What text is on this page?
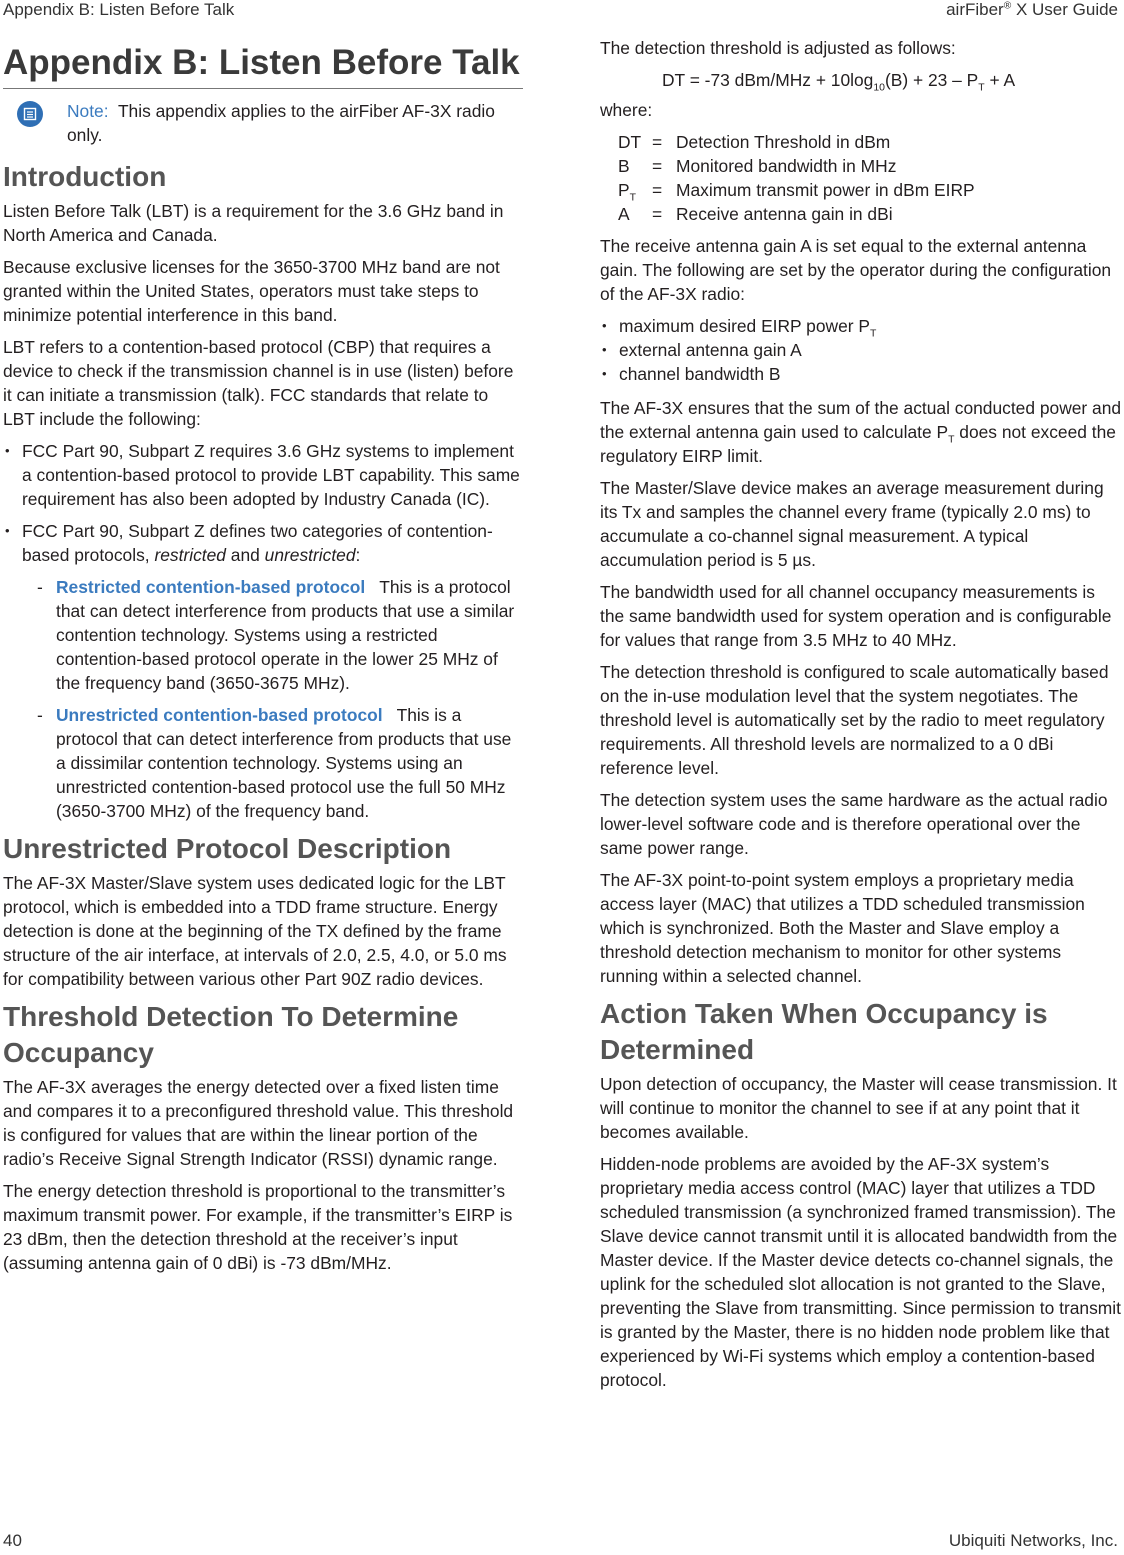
Appendix B: Listen Before Talk	airFiber® X User Guide
40	Ubiquiti Networks, Inc.
Appendix B: Listen Before Talk
Note: This appendix applies to the airFiber AF-3X radio only.
Introduction

Listen Before Talk (LBT) is a requirement for the 3.6 GHz band in North America and Canada.

Because exclusive licenses for the 3650-3700 MHz band are not granted within the United States, operators must take steps to minimize potential interference in this band.

LBT refers to a contention-based protocol (CBP) that requires a device to check if the transmission channel is in use (listen) before it can initiate a transmission (talk). FCC standards that relate to LBT include the following:

• FCC Part 90, Subpart Z requires 3.6 GHz systems to implement a contention-based protocol to provide LBT capability. This same requirement has also been adopted by Industry Canada (IC).
• FCC Part 90, Subpart Z defines two categories of contention-based protocols, restricted and unrestricted:
- Restricted contention-based protocol This is a protocol that can detect interference from products that use a similar contention technology. Systems using a restricted contention-based protocol operate in the lower 25 MHz of the frequency band (3650-3675 MHz).
- Unrestricted contention-based protocol This is a protocol that can detect interference from products that use a dissimilar contention technology. Systems using an unrestricted contention-based protocol use the full 50 MHz (3650-3700 MHz) of the frequency band.
Unrestricted Protocol Description

The AF-3X Master/Slave system uses dedicated logic for the LBT protocol, which is embedded into a TDD frame structure. Energy detection is done at the beginning of the TX defined by the frame structure of the air interface, at intervals of 2.0, 2.5, 4.0, or 5.0 ms for compatibility between various other Part 90Z radio devices.

Threshold Detection To Determine Occupancy

The AF-3X averages the energy detected over a fixed listen time and compares it to a preconfigured threshold value. This threshold is configured for values that are within the linear portion of the radio’s Receive Signal Strength Indicator (RSSI) dynamic range.

The energy detection threshold is proportional to the transmitter’s maximum transmit power. For example, if the transmitter’s EIRP is 23 dBm, then the detection threshold at the receiver’s input (assuming antenna gain of 0 dBi) is -73 dBm/MHz.

The detection threshold is adjusted as follows:

DT = -73 $dBm/MHz + 10\log_{10}(B) + 23 - P_T + A$

where:

DT	=	Detection Threshold in dBm
B	=	Monitored bandwidth in MHz
$P_T$	=	Maximum transmit power in dBm EIRP
A	=	Receive antenna gain in dBi

The receive antenna gain A is set equal to the external antenna gain. The following are set by the operator during the configuration of the AF-3X radio:

• maximum desired EIRP power $P_T$
• external antenna gain A
• channel bandwidth B

The AF-3X ensures that the sum of the actual conducted power and the external antenna gain used to calculate $P_T$ does not exceed the regulatory EIRP limit.

The Master/Slave device makes an average measurement during its Tx and samples the channel every frame (typically 2.0 ms) to accumulate a co-channel signal measurement. A typical accumulation period is 5 µs.

The bandwidth used for all channel occupancy measurements is the same bandwidth used for system operation and is configurable for values that range from 3.5 MHz to 40 MHz.

The detection threshold is configured to scale automatically based on the in-use modulation level that the system negotiates. The threshold level is automatically set by the radio to meet regulatory requirements. All threshold levels are normalized to a 0 dBi reference level.

The detection system uses the same hardware as the actual radio lower-level software code and is therefore operational over the same power range.

The AF-3X point-to-point system employs a proprietary media access layer (MAC) that utilizes a TDD scheduled transmission which is synchronized. Both the Master and Slave employ a threshold detection mechanism to monitor for other systems running within a selected channel.

Action Taken When Occupancy is Determined

Upon detection of occupancy, the Master will cease transmission. It will continue to monitor the channel to see if at any point that it becomes available.

Hidden-node problems are avoided by the AF-3X system’s proprietary media access control (MAC) layer that utilizes a TDD scheduled transmission (a synchronized framed transmission). The Slave device cannot transmit until it is allocated bandwidth from the Master device. If the Master device detects co-channel signals, the uplink for the scheduled slot allocation is not granted to the Slave, preventing the Slave from transmitting. Since permission to transmit is granted by the Master, there is no hidden node problem like that experienced by Wi-Fi systems which employ a contention-based protocol.
